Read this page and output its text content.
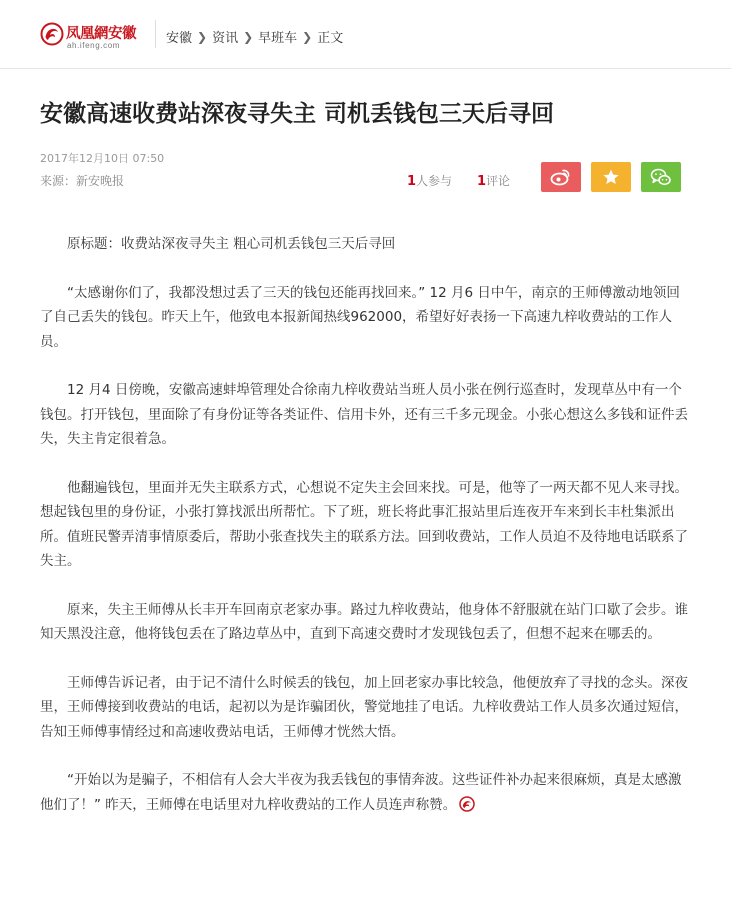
凤凰網安徽
ah.ifeng.com	安徽 ❯ 资讯 ❯ 早班车 ❯ 正文
安徽高速收费站深夜寻失主 司机丢钱包三天后寻回
2017年12月10日 07:50
来源：新安晚报	1人参与 1评论

原标题：收费站深夜寻失主 粗心司机丢钱包三天后寻回

“太感谢你们了，我都没想过丢了三天的钱包还能再找回来。” 12 月6 日中午，南京的王师傅激动地领回了自己丢失的钱包。昨天上午，他致电本报新闻热线962000，希望好好表扬一下高速九梓收费站的工作人员。

12 月4 日傍晚，安徽高速蚌埠管理处合徐南九梓收费站当班人员小张在例行巡查时，发现草丛中有一个钱包。打开钱包，里面除了有身份证等各类证件、信用卡外，还有三千多元现金。小张心想这么多钱和证件丢失，失主肯定很着急。

他翻遍钱包，里面并无失主联系方式，心想说不定失主会回来找。可是，他等了一两天都不见人来寻找。想起钱包里的身份证，小张打算找派出所帮忙。下了班，班长将此事汇报站里后连夜开车来到长丰杜集派出所。值班民警弄清事情原委后，帮助小张查找失主的联系方法。回到收费站，工作人员迫不及待地电话联系了失主。

原来，失主王师傅从长丰开车回南京老家办事。路过九梓收费站，他身体不舒服就在站门口歇了会步。谁知天黑没注意，他将钱包丢在了路边草丛中，直到下高速交费时才发现钱包丢了，但想不起来在哪丢的。

王师傅告诉记者，由于记不清什么时候丢的钱包，加上回老家办事比较急，他便放弃了寻找的念头。深夜里，王师傅接到收费站的电话，起初以为是诈骗团伙，警觉地挂了电话。九梓收费站工作人员多次通过短信，告知王师傅事情经过和高速收费站电话，王师傅才恍然大悟。

“开始以为是骗子，不相信有人会大半夜为我丢钱包的事情奔波。这些证件补办起来很麻烦，真是太感激他们了！” 昨天，王师傅在电话里对九梓收费站的工作人员连声称赞。
